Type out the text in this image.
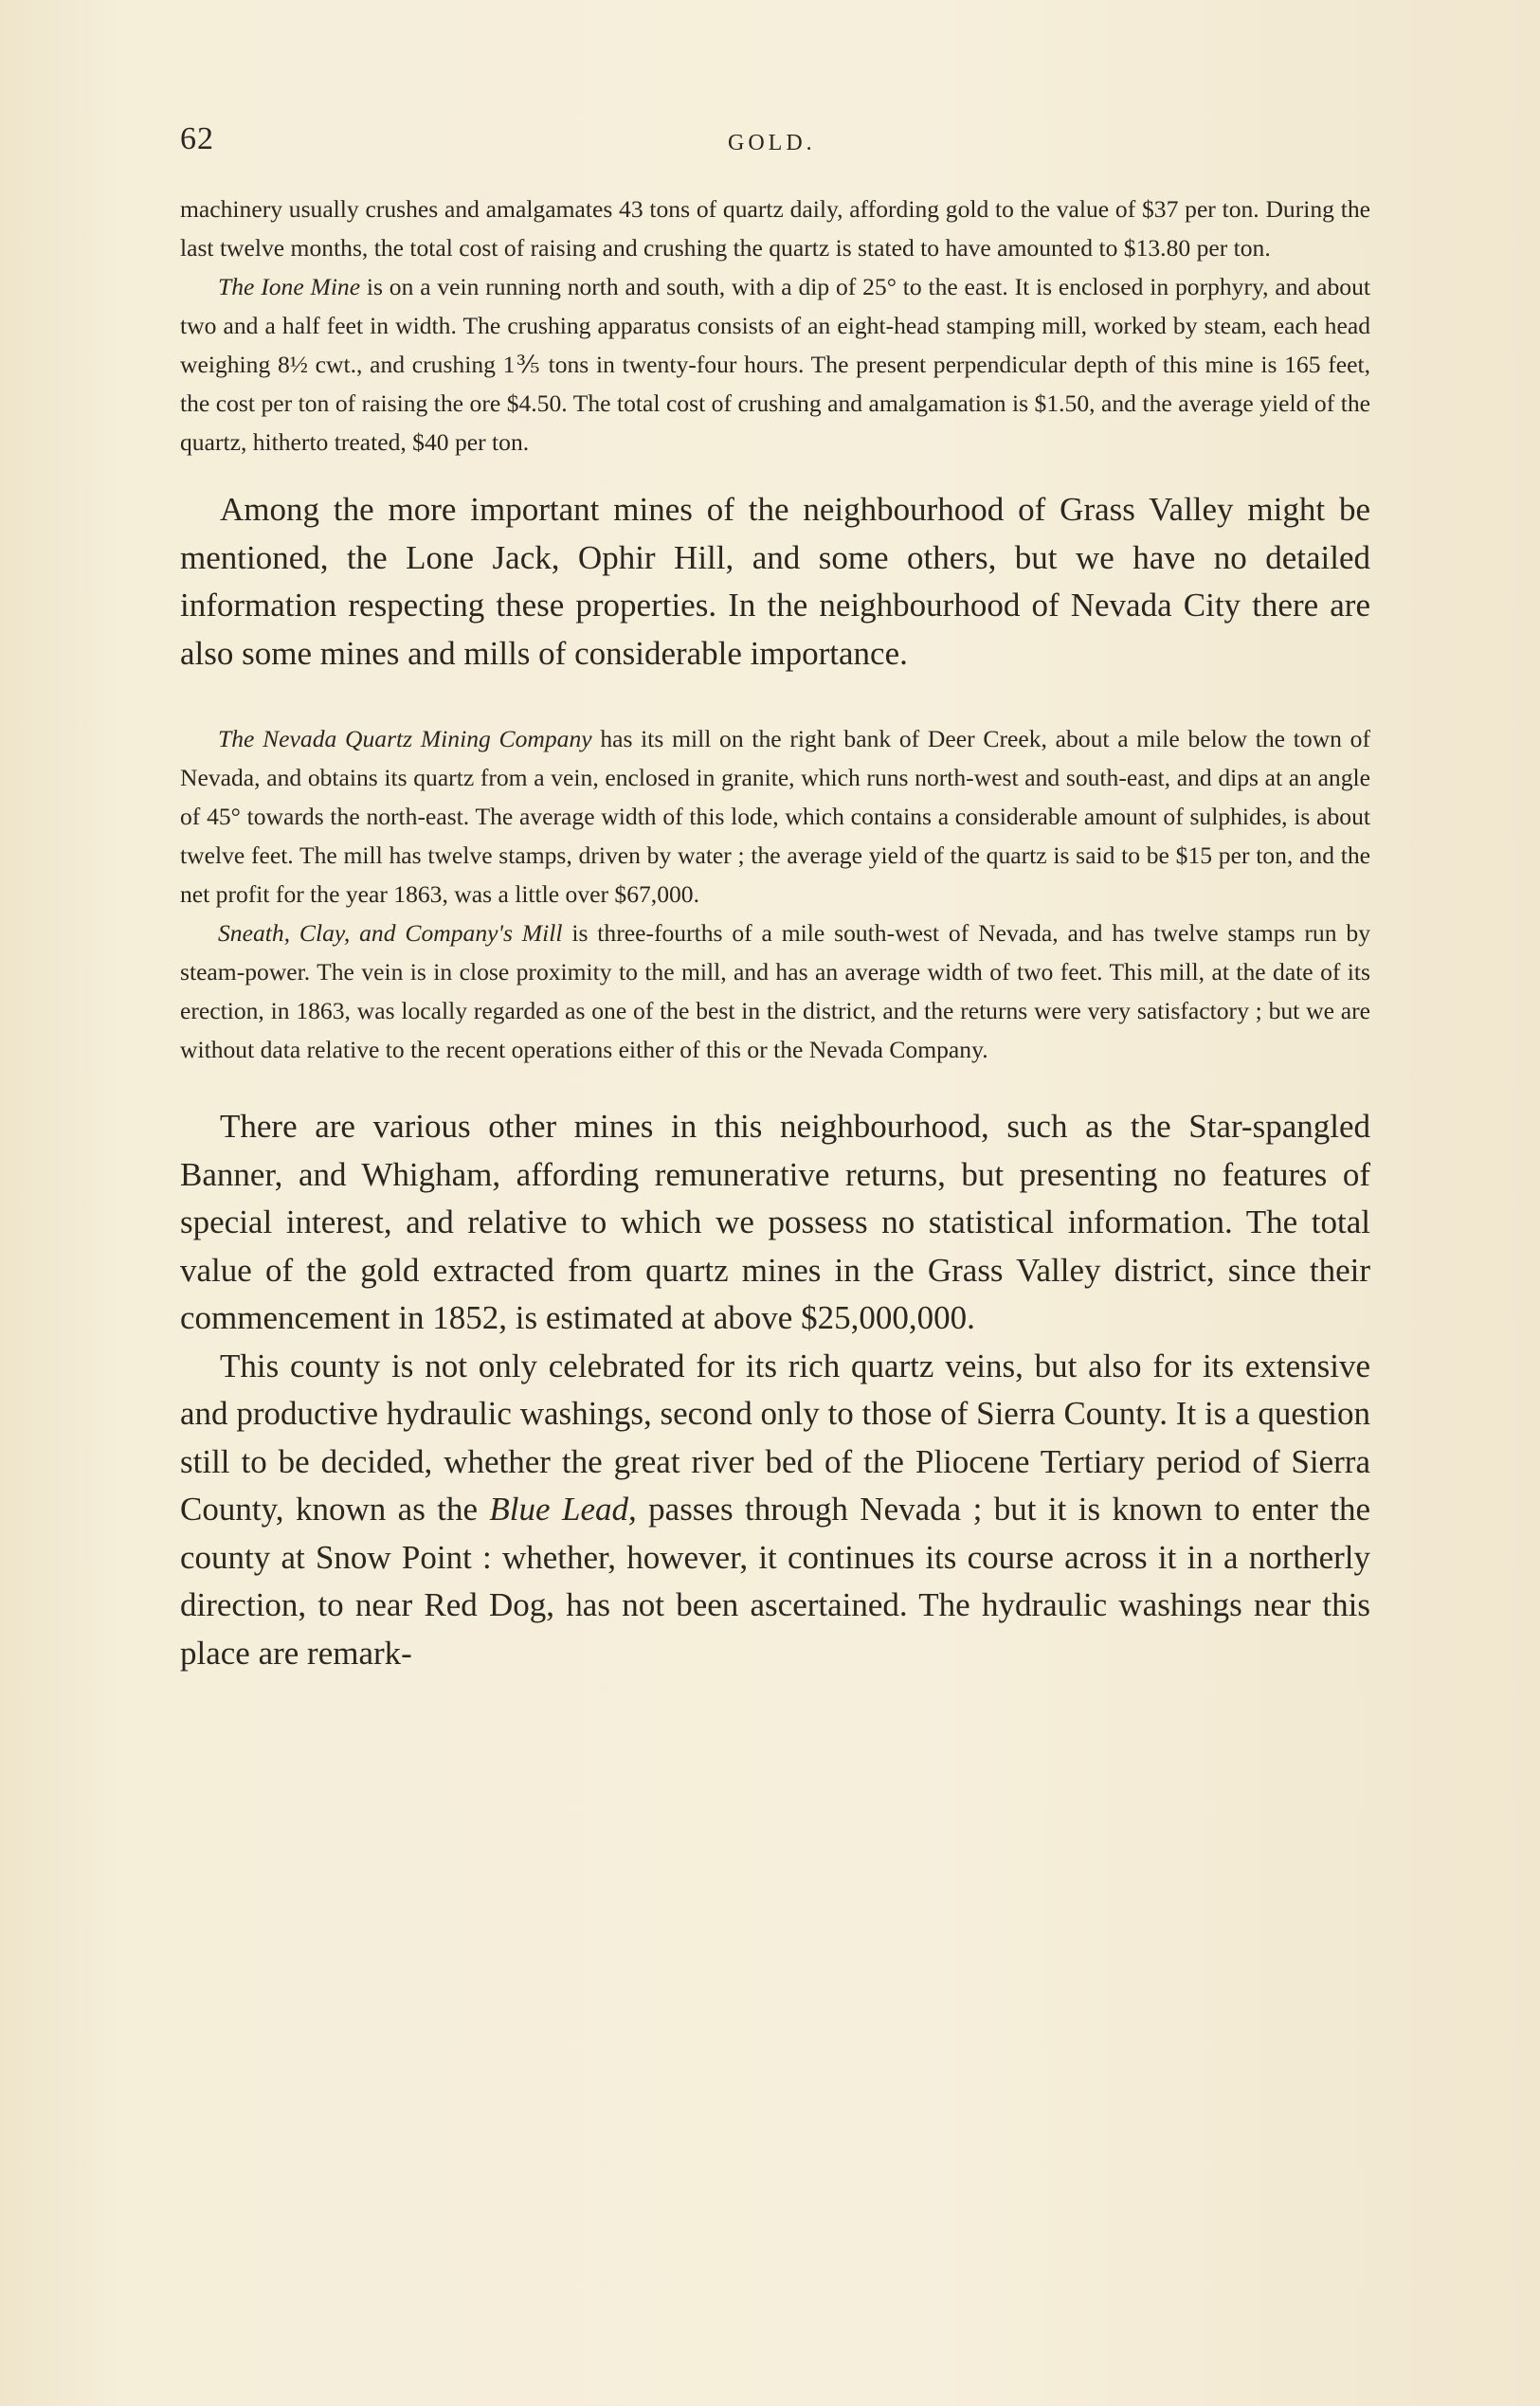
62	GOLD.

machinery usually crushes and amalgamates 43 tons of quartz daily, affording gold to the value of $37 per ton. During the last twelve months, the total cost of raising and crushing the quartz is stated to have amounted to $13.80 per ton.

The Ione Mine is on a vein running north and south, with a dip of 25° to the east. It is enclosed in porphyry, and about two and a half feet in width. The crushing apparatus consists of an eight-head stamping mill, worked by steam, each head weighing 8½ cwt., and crushing 1⅗ tons in twenty-four hours. The present perpendicular depth of this mine is 165 feet, the cost per ton of raising the ore $4.50. The total cost of crushing and amalgamation is $1.50, and the average yield of the quartz, hitherto treated, $40 per ton.

Among the more important mines of the neighbourhood of Grass Valley might be mentioned, the Lone Jack, Ophir Hill, and some others, but we have no detailed information respecting these properties. In the neighbourhood of Nevada City there are also some mines and mills of considerable importance.

The Nevada Quartz Mining Company has its mill on the right bank of Deer Creek, about a mile below the town of Nevada, and obtains its quartz from a vein, enclosed in granite, which runs north-west and south-east, and dips at an angle of 45° towards the north-east. The average width of this lode, which contains a considerable amount of sulphides, is about twelve feet. The mill has twelve stamps, driven by water ; the average yield of the quartz is said to be $15 per ton, and the net profit for the year 1863, was a little over $67,000.

Sneath, Clay, and Company's Mill is three-fourths of a mile south-west of Nevada, and has twelve stamps run by steam-power. The vein is in close proximity to the mill, and has an average width of two feet. This mill, at the date of its erection, in 1863, was locally regarded as one of the best in the district, and the returns were very satisfactory ; but we are without data relative to the recent operations either of this or the Nevada Company.

There are various other mines in this neighbourhood, such as the Star-spangled Banner, and Whigham, affording remunerative returns, but presenting no features of special interest, and relative to which we possess no statistical information. The total value of the gold extracted from quartz mines in the Grass Valley district, since their commencement in 1852, is estimated at above $25,000,000.

This county is not only celebrated for its rich quartz veins, but also for its extensive and productive hydraulic washings, second only to those of Sierra County. It is a question still to be decided, whether the great river bed of the Pliocene Tertiary period of Sierra County, known as the Blue Lead, passes through Nevada ; but it is known to enter the county at Snow Point : whether, however, it continues its course across it in a northerly direction, to near Red Dog, has not been ascertained. The hydraulic washings near this place are remark-
